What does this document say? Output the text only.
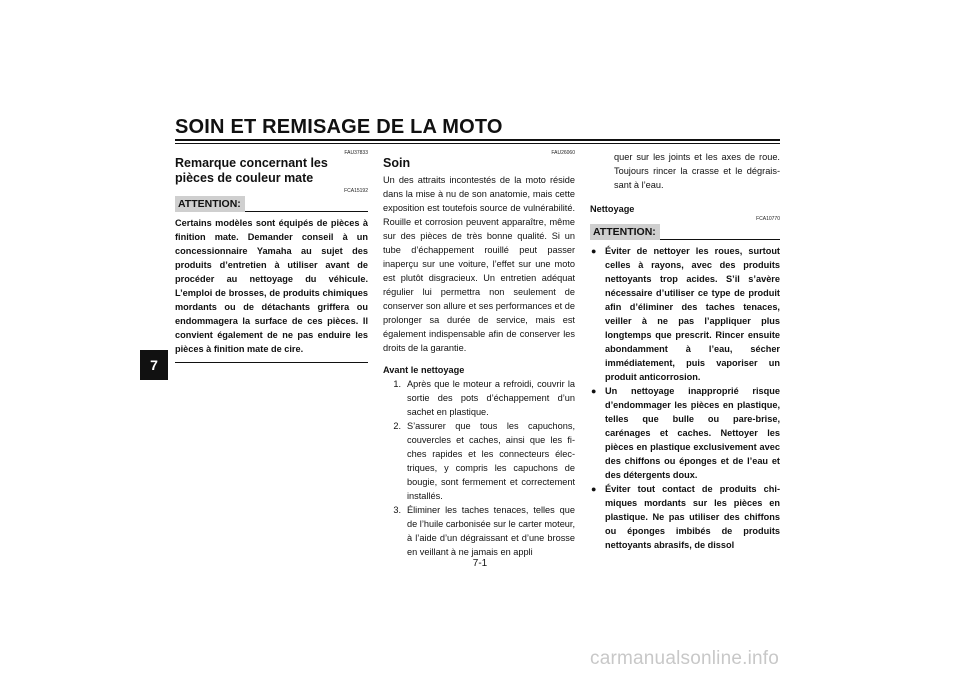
SOIN ET REMISAGE DE LA MOTO
7
FAU37833
Remarque concernant les pièces de couleur mate
FCA15192
ATTENTION:

Certains modèles sont équipés de pièces à finition mate. Demander conseil à un concessionnaire Yamaha au sujet des produits d’entretien à utiliser avant de procéder au nettoyage du véhicule. L’emploi de brosses, de produits chimiques mordants ou de détachants griffera ou endommagera la surface de ces pièces. Il convient également de ne pas enduire les pièces à finition mate de cire.

FAU26060
Soin

Un des attraits incontestés de la moto réside dans la mise à nu de son anatomie, mais cette exposition est toutefois source de vulnérabilité. Rouille et corrosion peuvent apparaître, même sur des pièces de très bonne qualité. Si un tube d’échappement rouillé peut passer inaperçu sur une voiture, l’effet sur une moto est plutôt disgracieux. Un entretien adéquat régulier lui permettra non seulement de conserver son allure et ses performances et de prolonger sa durée de service, mais est également indispensable afin de conserver les droits de la garantie.

Avant le nettoyage

1. Après que le moteur a refroidi, couvrir la sortie des pots d’échappement d’un sachet en plastique.
2. S’assurer que tous les capuchons, couvercles et caches, ainsi que les fiches rapides et les connecteurs électriques, y compris les capuchons de bougie, sont fermement et correctement installés.
3. Éliminer les taches tenaces, telles que de l’huile carbonisée sur le carter moteur, à l’aide d’un dégraissant et d’une brosse en veillant à ne jamais en appli

quer sur les joints et les axes de roue. Toujours rincer la crasse et le dégraissant à l’eau.

Nettoyage

FCA10770
ATTENTION:
● Éviter de nettoyer les roues, surtout celles à rayons, avec des produits nettoyants trop acides. S’il s’avère nécessaire d’utiliser ce type de produit afin d’éliminer des taches tenaces, veiller à ne pas l’appliquer plus longtemps que prescrit. Rincer ensuite abondamment à l’eau, sécher immédiatement, puis vaporiser un produit anticorrosion.
● Un nettoyage inapproprié risque d’endommager les pièces en plastique, telles que bulle ou pare-brise, carénages et caches. Nettoyer les pièces en plastique exclusivement avec des chiffons ou éponges et de l’eau et des détergents doux.
● Éviter tout contact de produits chimiques mordants sur les pièces en plastique. Ne pas utiliser des chiffons ou éponges imbibés de produits nettoyants abrasifs, de dissol
7-1
carmanualsonline.info
